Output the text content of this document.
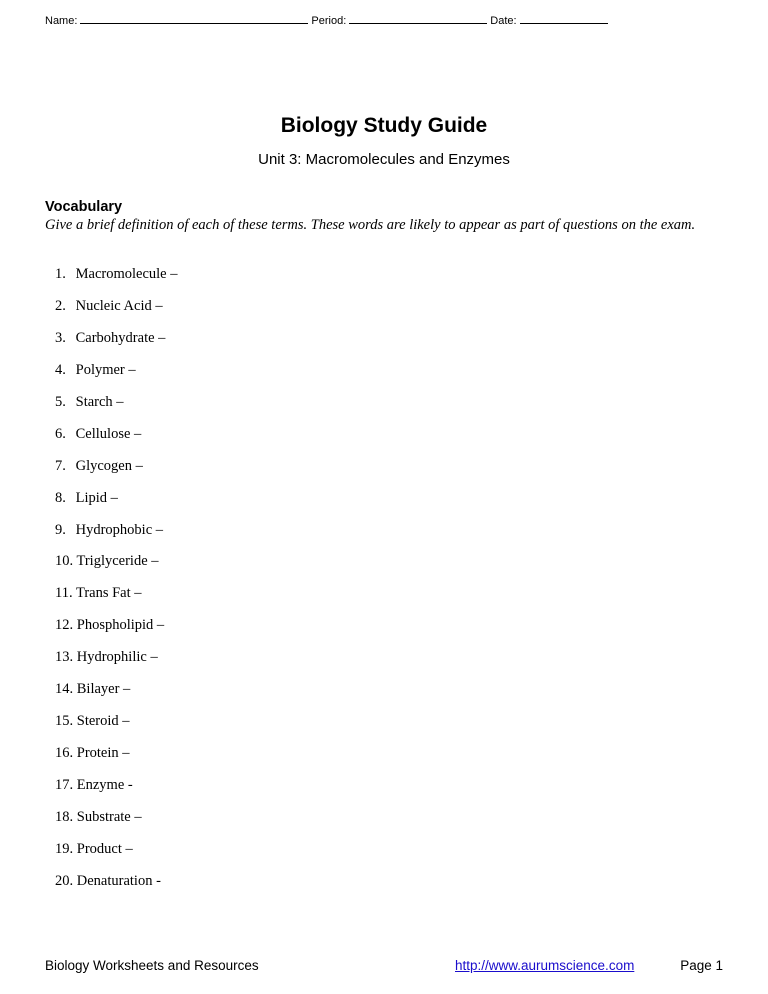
Name:	Period:	Date:
Biology Study Guide
Unit 3: Macromolecules and Enzymes
Vocabulary
Give a brief definition of each of these terms. These words are likely to appear as part of questions on the exam.
1. Macromolecule –
2. Nucleic Acid –
3. Carbohydrate –
4. Polymer –
5. Starch –
6. Cellulose –
7. Glycogen –
8. Lipid –
9. Hydrophobic –
10. Triglyceride –
11. Trans Fat –
12. Phospholipid –
13. Hydrophilic –
14. Bilayer –
15. Steroid –
16. Protein –
17. Enzyme -
18. Substrate –
19. Product –
20. Denaturation -
Biology Worksheets and Resources	http://www.aurumscience.com	Page 1
